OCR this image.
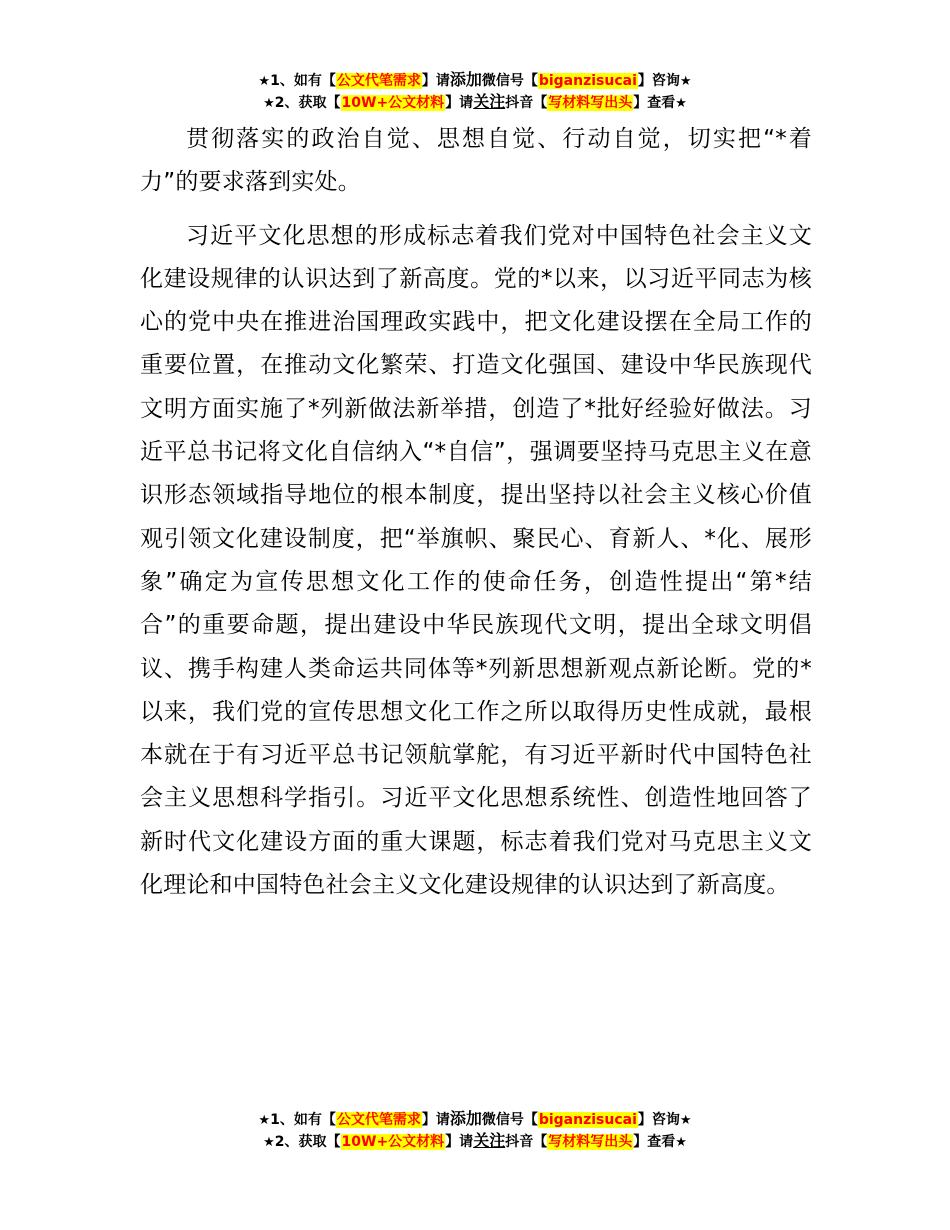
★1、如有【公文代笔需求】请添加微信号【biganzisucai】咨询★
★2、获取【10W+公文材料】请关注抖音【写材料写出头】查看★

贯彻落实的政治自觉、思想自觉、行动自觉，切实把“*着力”的要求落到实处。

习近平文化思想的形成标志着我们党对中国特色社会主义文化建设规律的认识达到了新高度。党的*以来，以习近平同志为核心的党中央在推进治国理政实践中，把文化建设摆在全局工作的重要位置，在推动文化繁荣、打造文化强国、建设中华民族现代文明方面实施了*列新做法新举措，创造了*批好经验好做法。习近平总书记将文化自信纳入“*自信”，强调要坚持马克思主义在意识形态领域指导地位的根本制度，提出坚持以社会主义核心价值观引领文化建设制度，把“举旗帜、聚民心、育新人、*化、展形象”确定为宣传思想文化工作的使命任务，创造性提出“第*结合”的重要命题，提出建设中华民族现代文明，提出全球文明倡议、携手构建人类命运共同体等*列新思想新观点新论断。党的*以来，我们党的宣传思想文化工作之所以取得历史性成就，最根本就在于有习近平总书记领航掌舵，有习近平新时代中国特色社会主义思想科学指引。习近平文化思想系统性、创造性地回答了新时代文化建设方面的重大课题，标志着我们党对马克思主义文化理论和中国特色社会主义文化建设规律的认识达到了新高度。

★1、如有【公文代笔需求】请添加微信号【biganzisucai】咨询★
★2、获取【10W+公文材料】请关注抖音【写材料写出头】查看★
